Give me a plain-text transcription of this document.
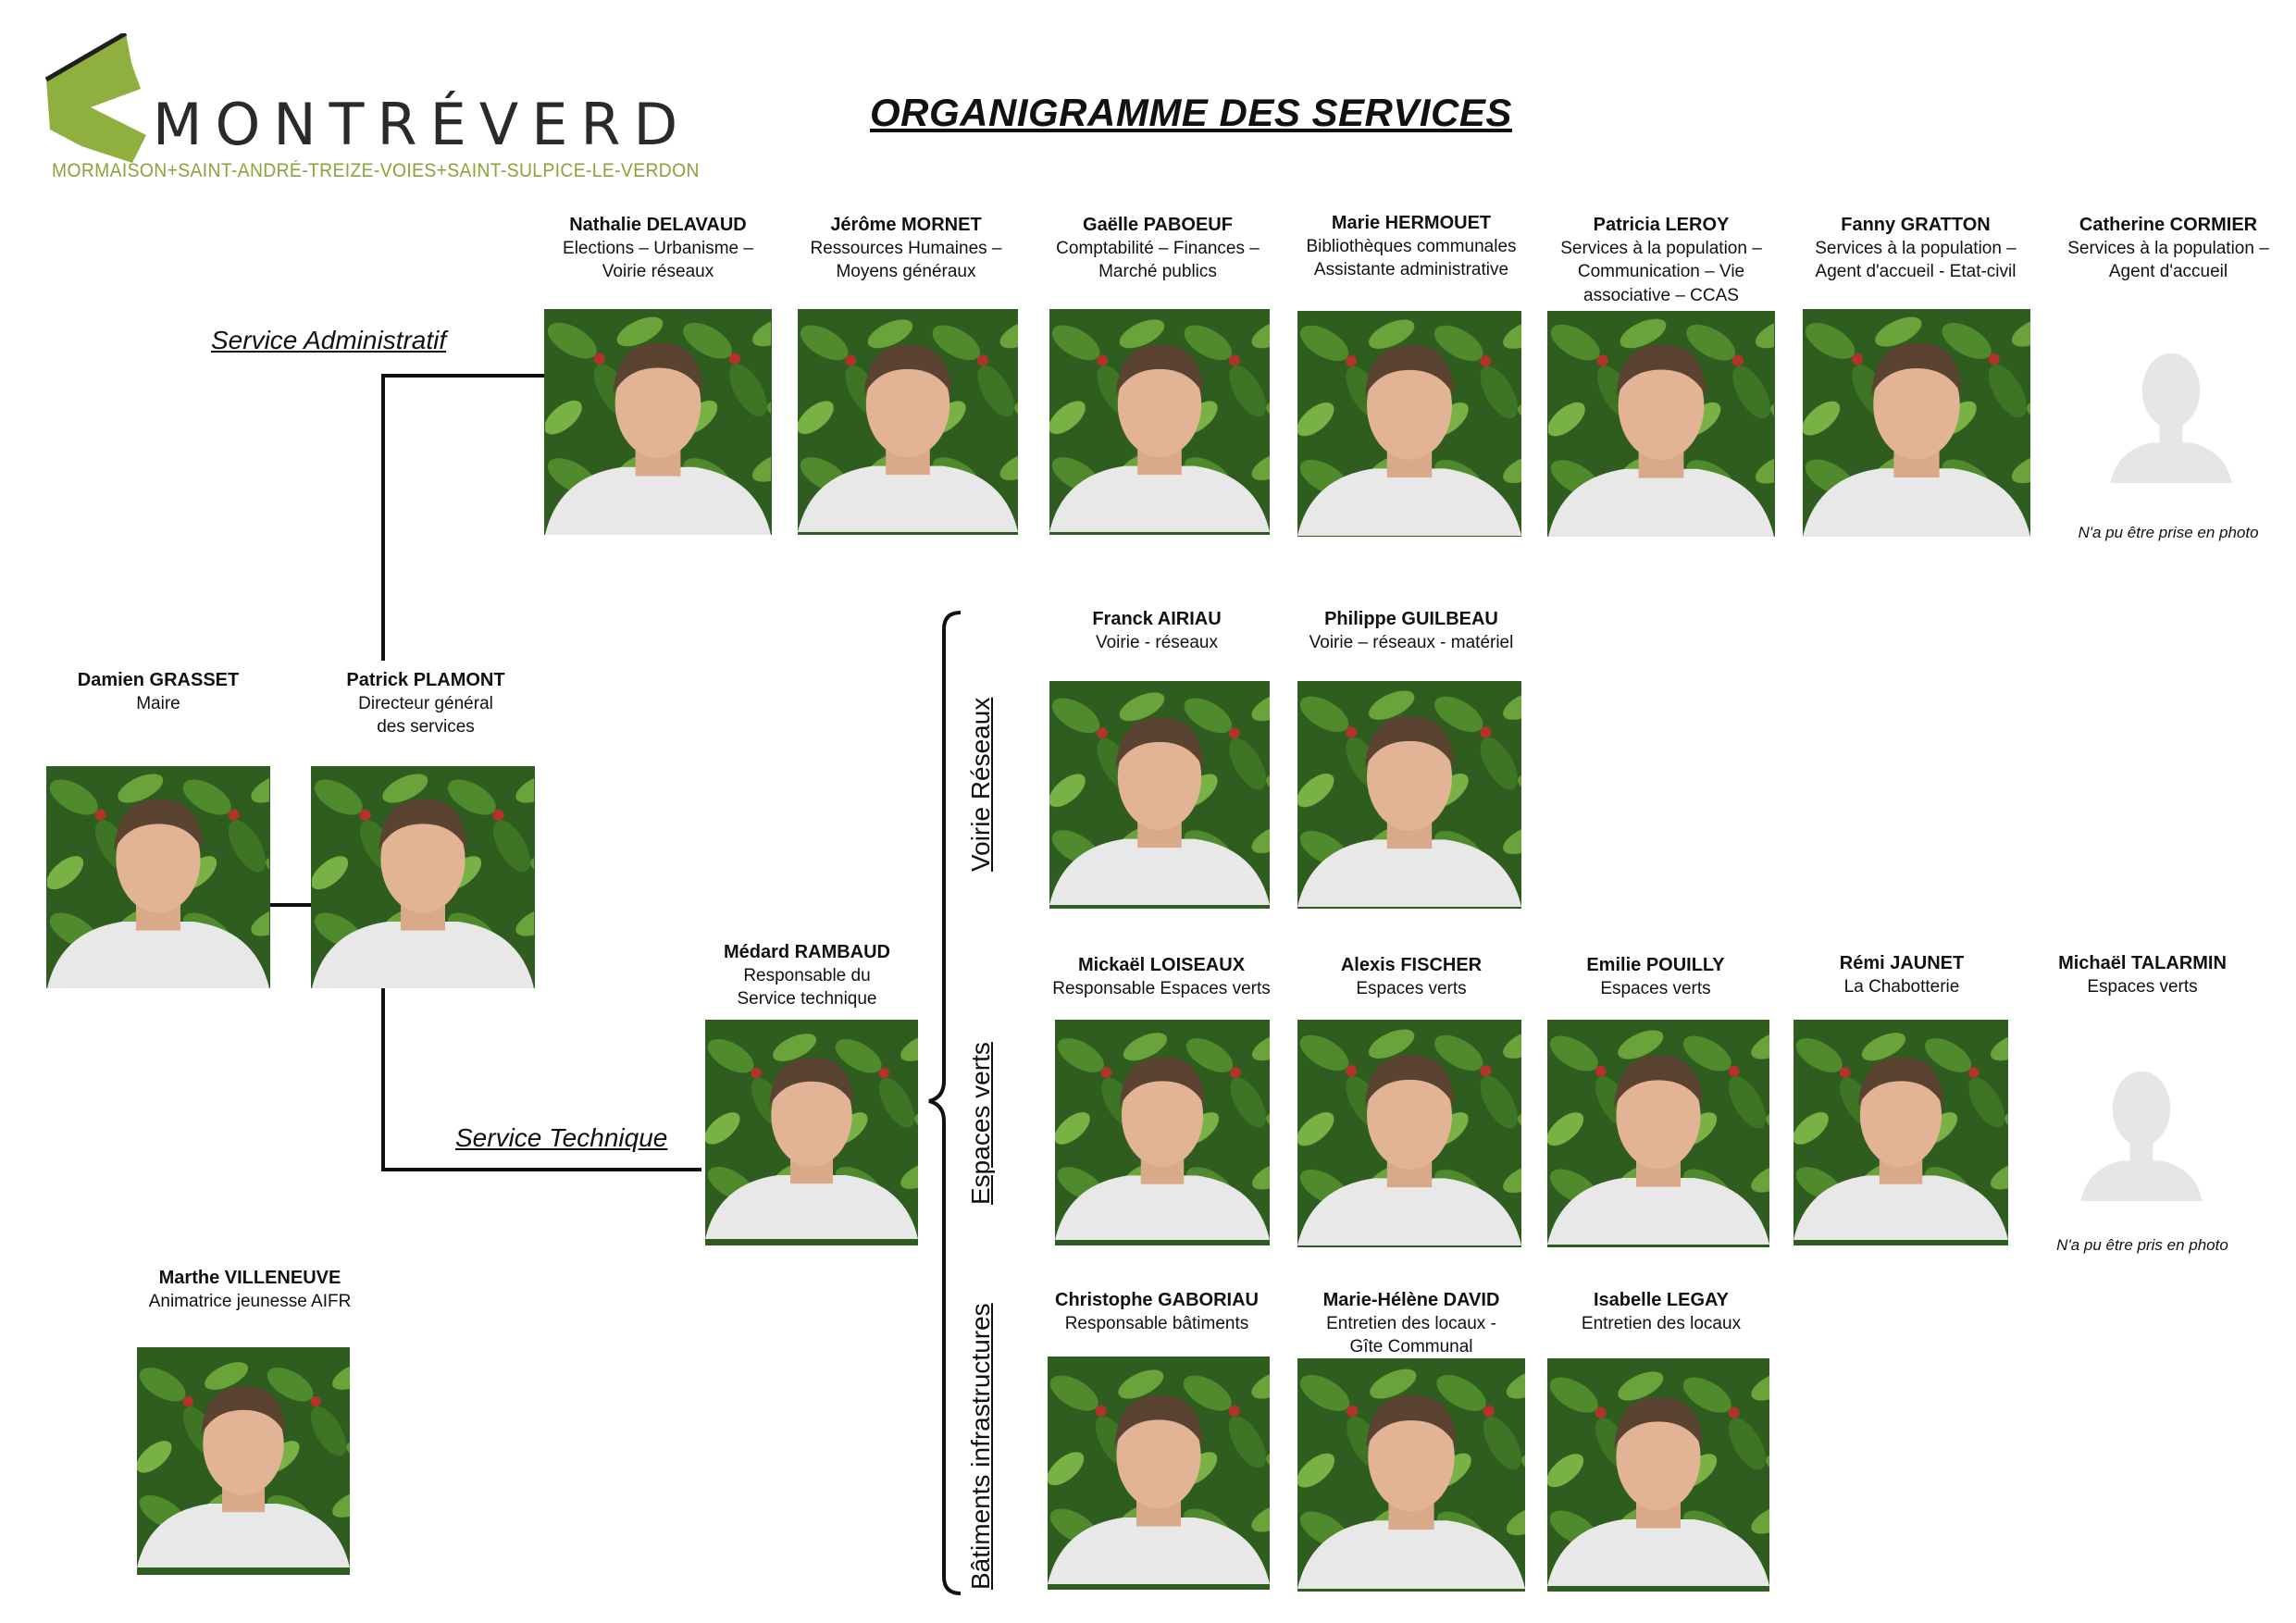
MONTRÉVERD
MORMAISON+SAINT-ANDRÉ-TREIZE-VOIES+SAINT-SULPICE-LE-VERDON
ORGANIGRAMME DES SERVICES
Service Administratif
Service Technique
Voirie Réseaux
Espaces verts
Bâtiments infrastructures
Damien GRASSET
Maire
Patrick PLAMONT
Directeur général
des services
Marthe VILLENEUVE
Animatrice jeunesse AIFR
Médard RAMBAUD
Responsable du
Service technique
Nathalie DELAVAUD
Elections – Urbanisme –
Voirie réseaux
Jérôme MORNET
Ressources Humaines –
Moyens généraux
Gaëlle PABOEUF
Comptabilité – Finances –
Marché publics
Marie HERMOUET
Bibliothèques communales
Assistante administrative
Patricia LEROY
Services à la population –
Communication – Vie
associative – CCAS
Fanny GRATTON
Services à la population –
Agent d'accueil - Etat-civil
Catherine CORMIER
Services à la population –
Agent d'accueil
N'a pu être prise en photo
Franck AIRIAU
Voirie - réseaux
Philippe GUILBEAU
Voirie – réseaux - matériel
Mickaël LOISEAUX
Responsable Espaces verts
Alexis FISCHER
Espaces verts
Emilie POUILLY
Espaces verts
Rémi JAUNET
La Chabotterie
Michaël TALARMIN
Espaces verts
N'a pu être pris en photo
Christophe GABORIAU
Responsable bâtiments
Marie-Hélène DAVID
Entretien des locaux -
Gîte Communal
Isabelle LEGAY
Entretien des locaux
